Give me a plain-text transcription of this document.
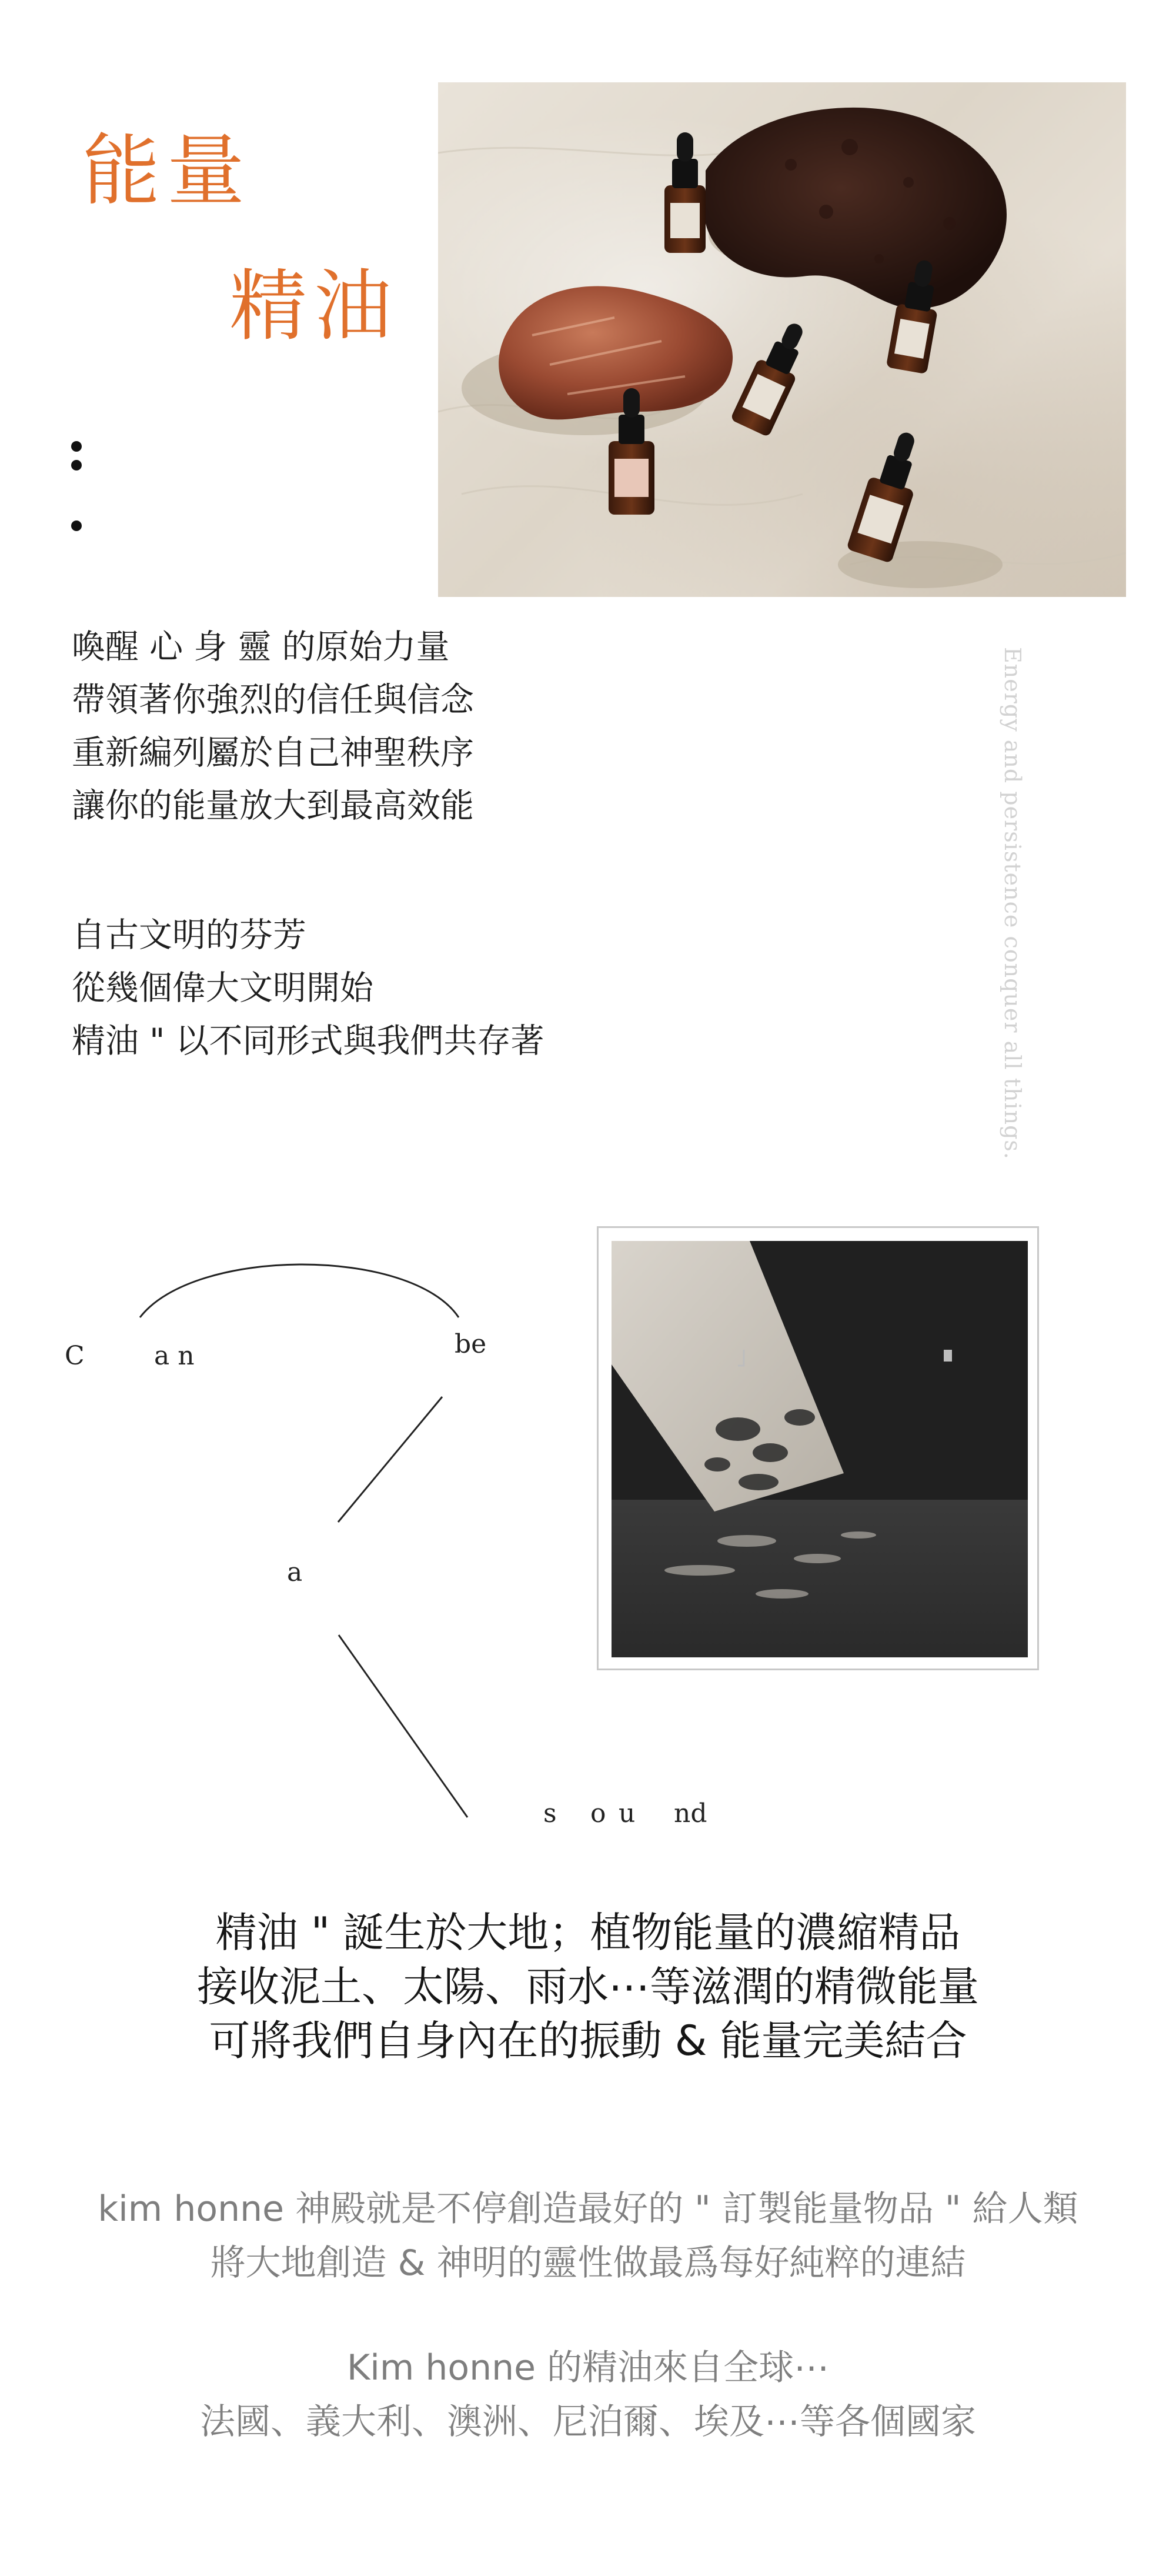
能量
精油
喚醒 心 身 靈 的原始力量
帶領著你強烈的信任與信念
重新編列屬於自己神聖秩序
讓你的能量放大到最高效能
自古文明的芬芳
從幾個偉大文明開始
精油 " 以不同形式與我們共存著	Energy and persistence conquer all things.
C	an	be
a
s o u nd
精油 " 誕生於大地；植物能量的濃縮精品
接收泥土、太陽、雨水⋯等滋潤的精微能量
可將我們自身內在的振動 & 能量完美結合
kim honne 神殿就是不停創造最好的 " 訂製能量物品 " 給人類
將大地創造 & 神明的靈性做最爲每好純粹的連結
Kim honne 的精油來自全球⋯
法國、義大利、澳洲、尼泊爾、埃及⋯等各個國家
